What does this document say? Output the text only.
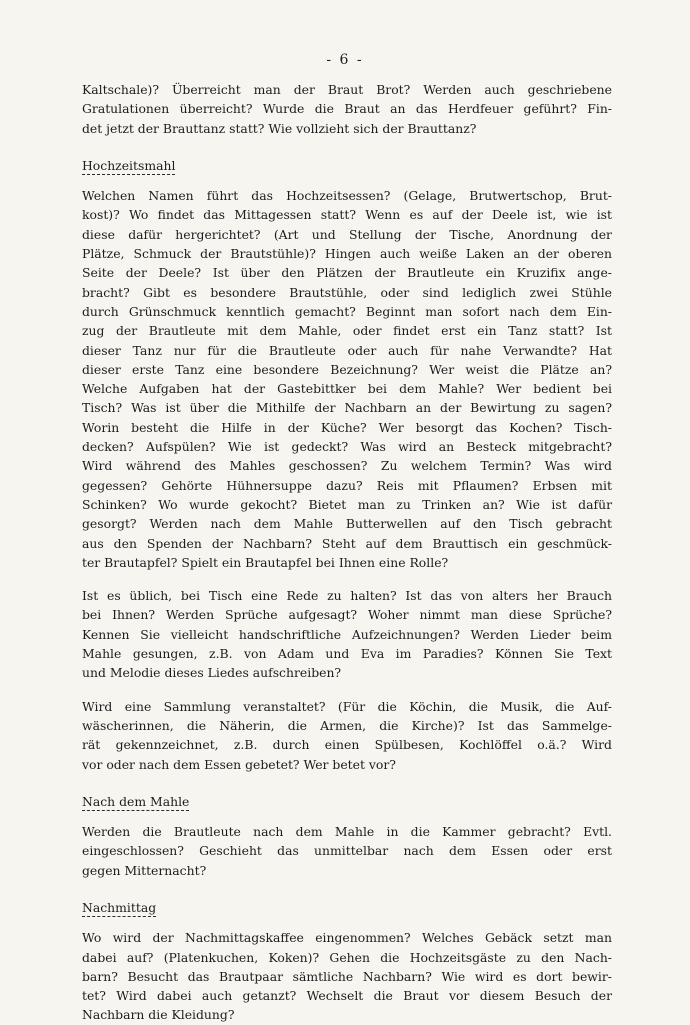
- 6 -

Kaltschale)? Überreicht man der Braut Brot? Werden auch geschriebene
Gratulationen überreicht? Wurde die Braut an das Herdfeuer geführt? Fin-
det jetzt der Brauttanz statt? Wie vollzieht sich der Brauttanz?

Hochzeitsmahl

Welchen Namen führt das Hochzeitsessen? (Gelage, Brutwertschop, Brut-
kost)? Wo findet das Mittagessen statt? Wenn es auf der Deele ist, wie ist
diese dafür hergerichtet? (Art und Stellung der Tische, Anordnung der
Plätze, Schmuck der Brautstühle)? Hingen auch weiße Laken an der oberen
Seite der Deele? Ist über den Plätzen der Brautleute ein Kruzifix ange-
bracht? Gibt es besondere Brautstühle, oder sind lediglich zwei Stühle
durch Grünschmuck kenntlich gemacht? Beginnt man sofort nach dem Ein-
zug der Brautleute mit dem Mahle, oder findet erst ein Tanz statt? Ist
dieser Tanz nur für die Brautleute oder auch für nahe Verwandte? Hat
dieser erste Tanz eine besondere Bezeichnung? Wer weist die Plätze an?
Welche Aufgaben hat der Gastebittker bei dem Mahle? Wer bedient bei
Tisch? Was ist über die Mithilfe der Nachbarn an der Bewirtung zu sagen?
Worin besteht die Hilfe in der Küche? Wer besorgt das Kochen? Tisch-
decken? Aufspülen? Wie ist gedeckt? Was wird an Besteck mitgebracht?
Wird während des Mahles geschossen? Zu welchem Termin? Was wird
gegessen? Gehörte Hühnersuppe dazu? Reis mit Pflaumen? Erbsen mit
Schinken? Wo wurde gekocht? Bietet man zu Trinken an? Wie ist dafür
gesorgt? Werden nach dem Mahle Butterwellen auf den Tisch gebracht
aus den Spenden der Nachbarn? Steht auf dem Brauttisch ein geschmück-
ter Brautapfel? Spielt ein Brautapfel bei Ihnen eine Rolle?

Ist es üblich, bei Tisch eine Rede zu halten? Ist das von alters her Brauch
bei Ihnen? Werden Sprüche aufgesagt? Woher nimmt man diese Sprüche?
Kennen Sie vielleicht handschriftliche Aufzeichnungen? Werden Lieder beim
Mahle gesungen, z.B. von Adam und Eva im Paradies? Können Sie Text
und Melodie dieses Liedes aufschreiben?

Wird eine Sammlung veranstaltet? (Für die Köchin, die Musik, die Auf-
wäscherinnen, die Näherin, die Armen, die Kirche)? Ist das Sammelge-
rät gekennzeichnet, z.B. durch einen Spülbesen, Kochlöffel o.ä.? Wird
vor oder nach dem Essen gebetet? Wer betet vor?

Nach dem Mahle

Werden die Brautleute nach dem Mahle in die Kammer gebracht? Evtl.
eingeschlossen? Geschieht das unmittelbar nach dem Essen oder erst
gegen Mitternacht?

Nachmittag

Wo wird der Nachmittagskaffee eingenommen? Welches Gebäck setzt man
dabei auf? (Platenkuchen, Koken)? Gehen die Hochzeitsgäste zu den Nach-
barn? Besucht das Brautpaar sämtliche Nachbarn? Wie wird es dort bewir-
tet? Wird dabei auch getanzt? Wechselt die Braut vor diesem Besuch der
Nachbarn die Kleidung?
